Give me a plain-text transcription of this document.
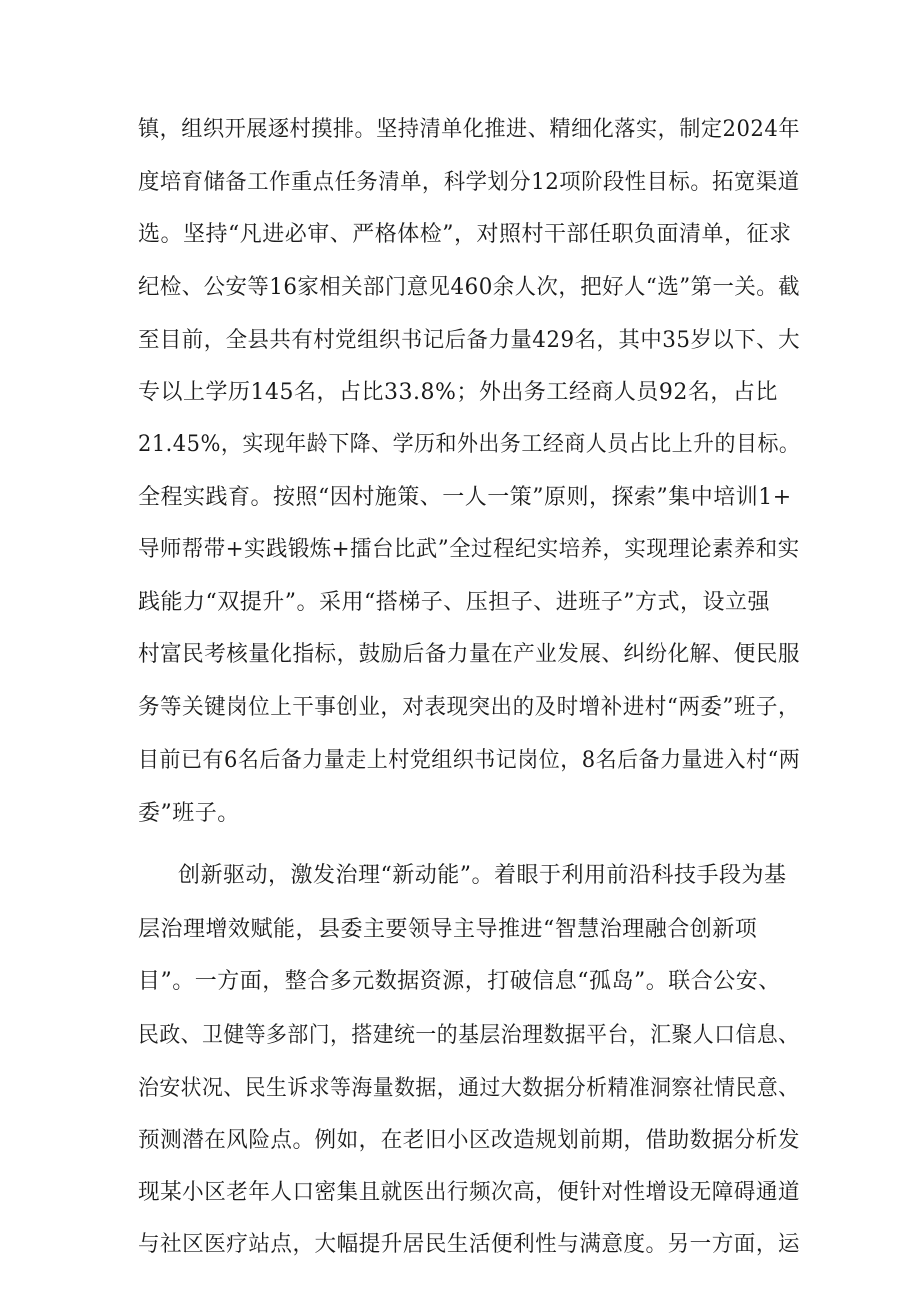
镇，组织开展逐村摸排。坚持清单化推进、精细化落实，制定2024年
度培育储备工作重点任务清单，科学划分12项阶段性目标。拓宽渠道
选。坚持“凡进必审、严格体检”，对照村干部任职负面清单，征求
纪检、公安等16家相关部门意见460余人次，把好人“选”第一关。截
至目前，全县共有村党组织书记后备力量429名，其中35岁以下、大
专以上学历145名，占比33.8%；外出务工经商人员92名，占比
21.45%，实现年龄下降、学历和外出务工经商人员占比上升的目标。
全程实践育。按照“因村施策、一人一策”原则，探索”集中培训1+
导师帮带+实践锻炼+擂台比武”全过程纪实培养，实现理论素养和实
践能力“双提升”。采用“搭梯子、压担子、进班子”方式，设立强
村富民考核量化指标，鼓励后备力量在产业发展、纠纷化解、便民服
务等关键岗位上干事创业，对表现突出的及时增补进村“两委”班子，
目前已有6名后备力量走上村党组织书记岗位，8名后备力量进入村“两
委”班子。
创新驱动，激发治理“新动能”。着眼于利用前沿科技手段为基
层治理增效赋能，县委主要领导主导推进“智慧治理融合创新项
目”。一方面，整合多元数据资源，打破信息“孤岛”。联合公安、
民政、卫健等多部门，搭建统一的基层治理数据平台，汇聚人口信息、
治安状况、民生诉求等海量数据，通过大数据分析精准洞察社情民意、
预测潜在风险点。例如，在老旧小区改造规划前期，借助数据分析发
现某小区老年人口密集且就医出行频次高，便针对性增设无障碍通道
与社区医疗站点，大幅提升居民生活便利性与满意度。另一方面，运
